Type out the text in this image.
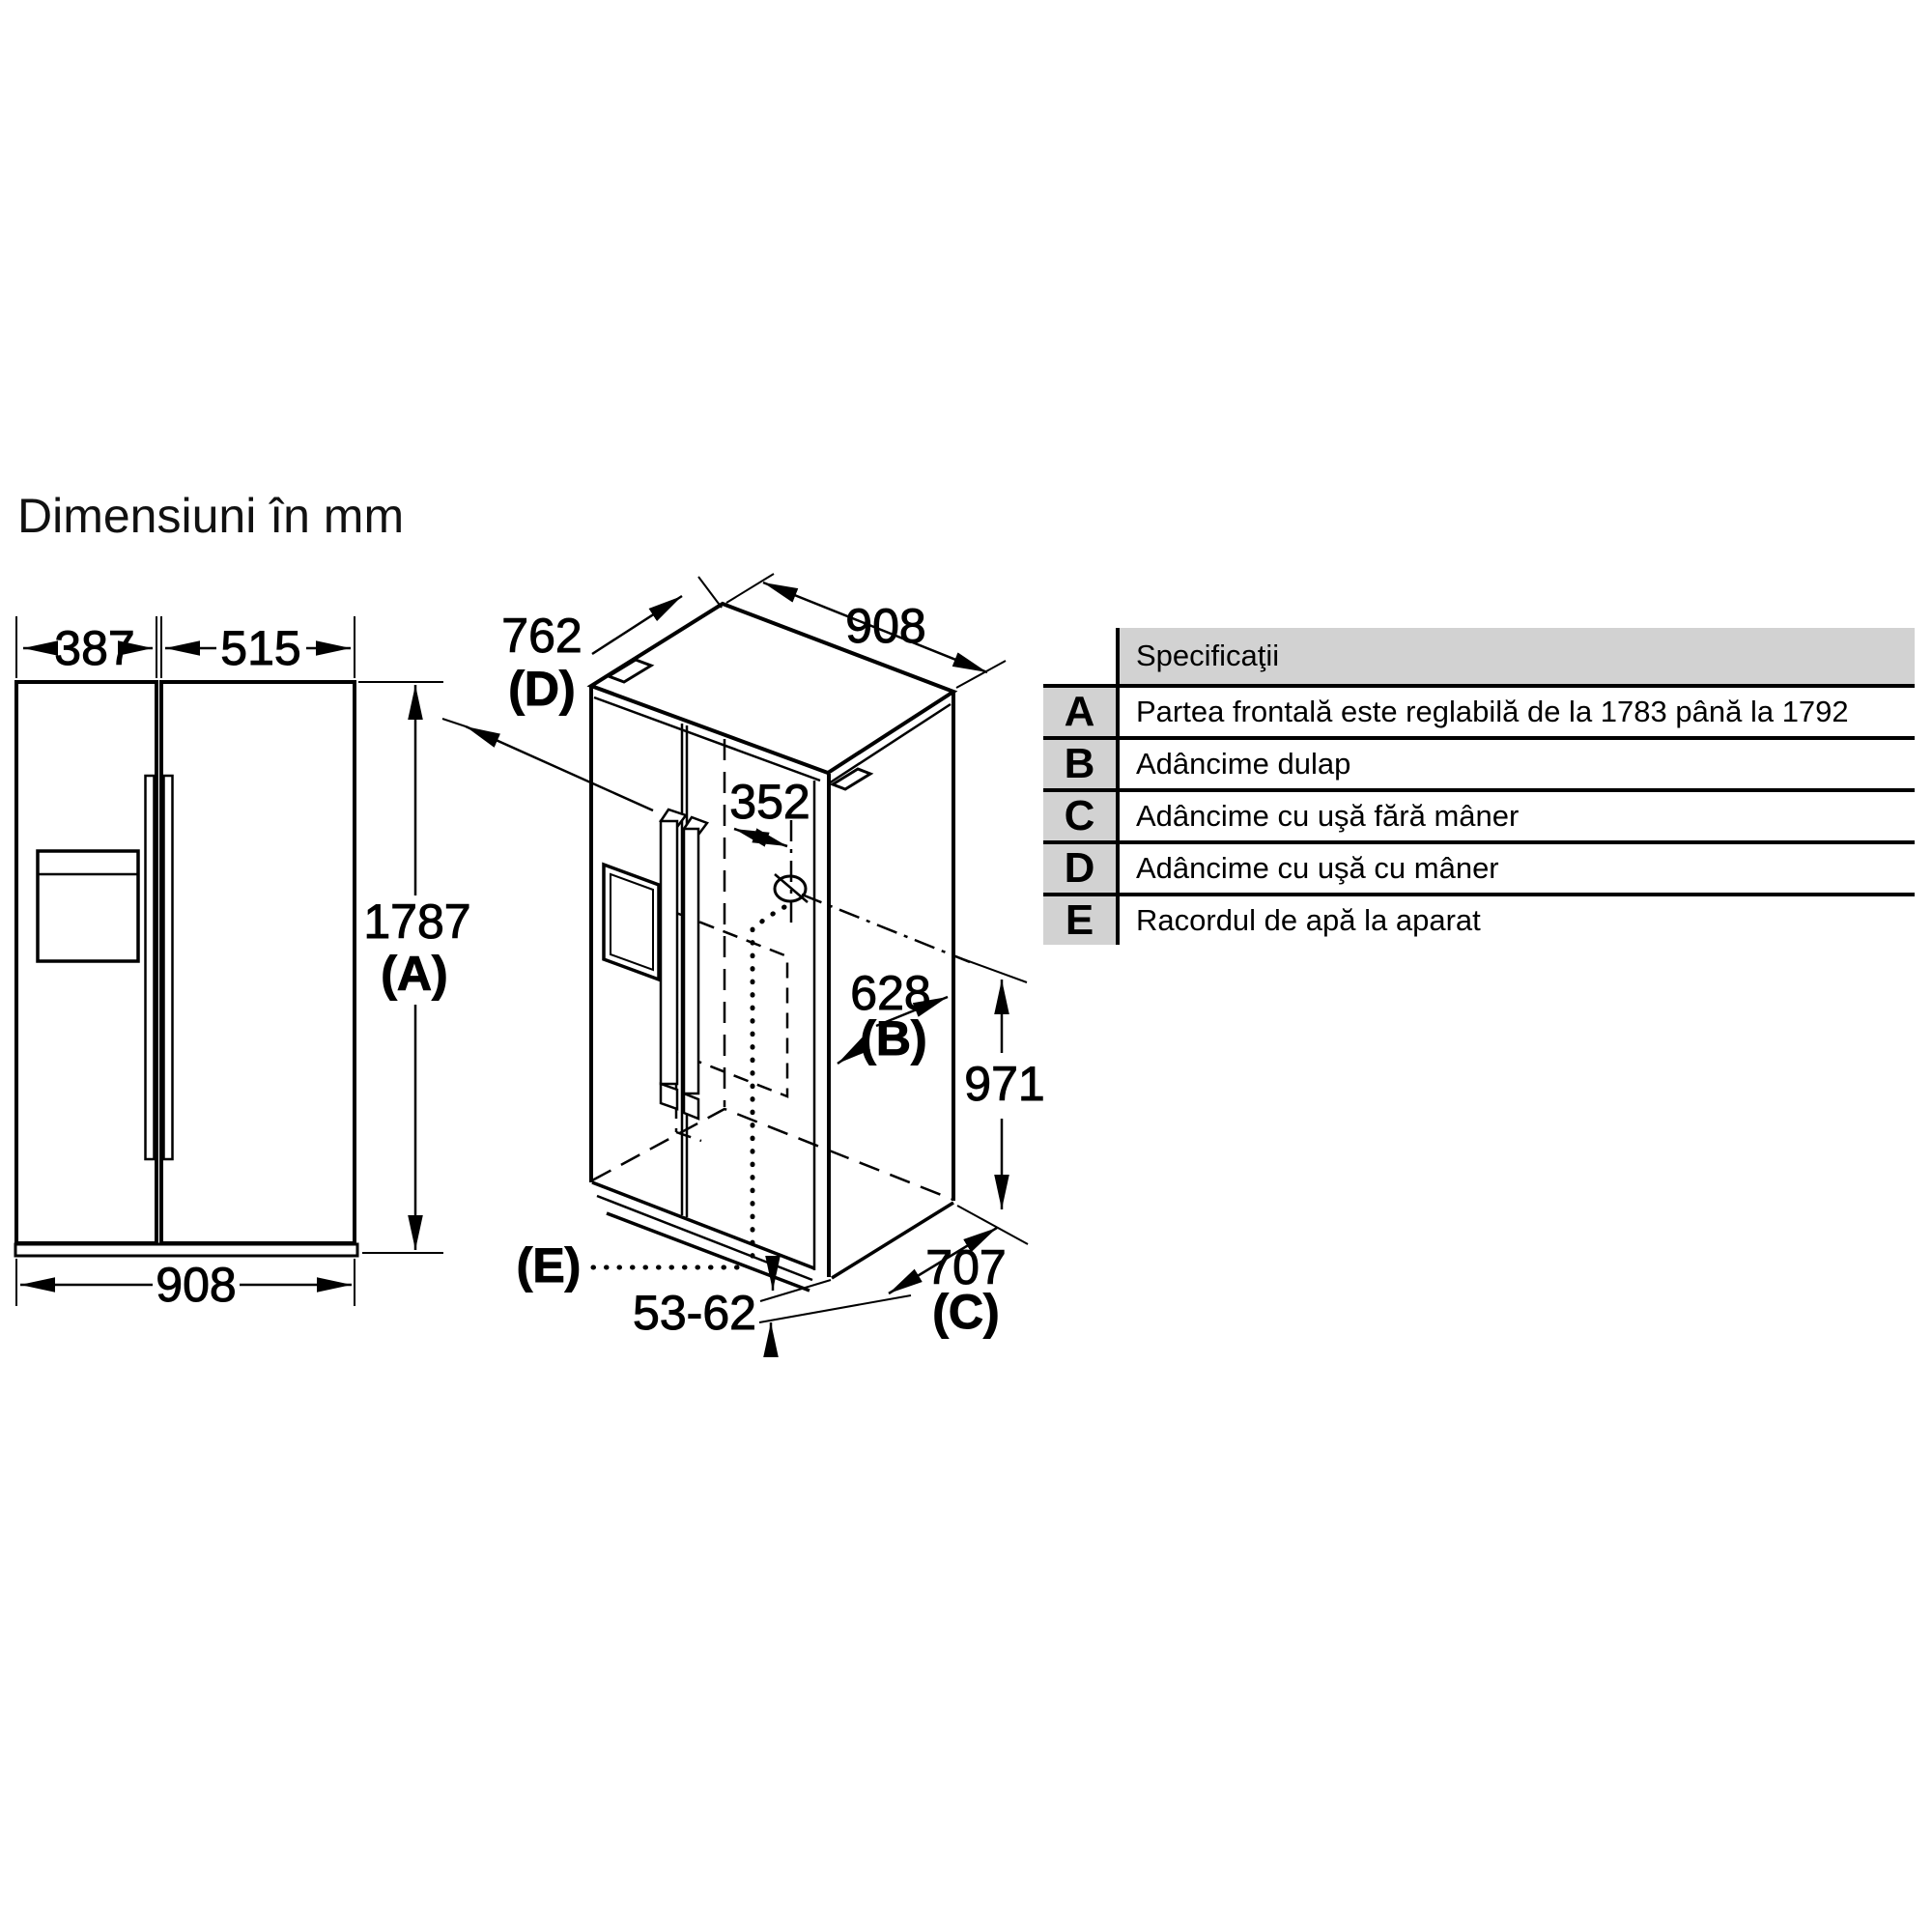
Dimensiuni în mm
387 515
1787
(A)
908
762
(D)
908
352
628
(B)
971
707
(C)
53-62
(E)
Specificaţii
A	Partea frontală este reglabilă de la 1783 până la 1792
B	Adâncime dulap
C	Adâncime cu uşă fără mâner
D	Adâncime cu uşă cu mâner
E	Racordul de apă la aparat
